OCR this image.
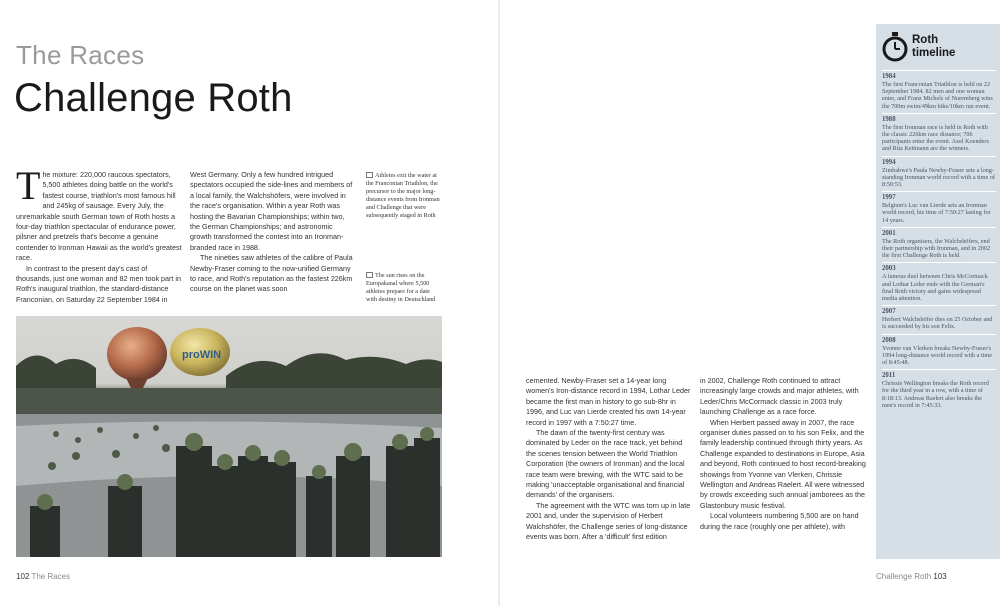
The Races
Challenge Roth

The mixture: 220,000 raucous spectators, 5,500 athletes doing battle on the world's fastest course, triathlon's most famous hill and 245kg of sausage. Every July, the unremarkable south German town of Roth hosts a four-day triathlon spectacular of endurance power, pilsner and pretzels that's become a genuine contender to Ironman Hawaii as the world's greatest race.

In contrast to the present day's cast of thousands, just one woman and 82 men took part in Roth's inaugural triathlon, the standard-distance Franconian, on Saturday 22 September 1984 in

West Germany. Only a few hundred intrigued spectators occupied the side-lines and members of a local family, the Walchshöfers, were involved in the race's organisation. Within a year Roth was hosting the Bavarian Championships; within two, the German Championships; and astronomic growth transformed the contest into an Ironman-branded race in 1988.

The nineties saw athletes of the calibre of Paula Newby-Fraser coming to the now-unified Germany to race, and Roth's reputation as the fastest 226km course on the planet was soon

Athletes exit the water at the Franconian Triathlon, the precursor to the major long-distance events from Ironman and Challenge that were subsequently staged in Roth
The sun rises on the Europakanal where 5,500 athletes prepare for a date with destiny in Deutschland
proWIN
102 The Races

cemented. Newby-Fraser set a 14-year long women's Iron-distance record in 1994, Lothar Leder became the first man in history to go sub-8hr in 1996, and Luc van Lierde created his own 14-year record in 1997 with a 7:50:27 time.

The dawn of the twenty-first century was dominated by Leder on the race track, yet behind the scenes tension between the World Triathlon Corporation (the owners of Ironman) and the local race team were brewing, with the WTC said to be making 'unacceptable organisational and financial demands' of the organisers.

The agreement with the WTC was torn up in late 2001 and, under the supervision of Herbert Walchshöfer, the Challenge series of long-distance events was born. After a 'difficult' first edition

in 2002, Challenge Roth continued to attract increasingly large crowds and major athletes, with Leder/Chris McCormack classic in 2003 truly launching Challenge as a race force.

When Herbert passed away in 2007, the race organiser duties passed on to his son Felix, and the family leadership continued through thirty years. As Challenge expanded to destinations in Europe, Asia and beyond, Roth continued to host record-breaking showings from Yvonne van Vlerken, Chrissie Wellington and Andreas Raelert. All were witnessed by crowds exceeding such annual jamborees as the Glastonbury music festival.

Local volunteers numbering 5,500 are on hand during the race (roughly one per athlete), with

Challenge Roth 103
Roth
timeline
1984
The first Franconian Triathlon is held on 22 September 1984. 82 men and one woman enter, and Franz Michels of Nuremberg wins the 700m swim/49km bike/10km run event.
1988
The first Ironman race is held in Roth with the classic 226km race distance; 706 participants enter the event. Axel Koenders and Rita Keitmann are the winners.
1994
Zimbabwe's Paula Newby-Fraser sets a long-standing Ironman world record with a time of 8:50:53.
1997
Belgium's Luc van Lierde sets an Ironman world record, his time of 7:50:27 lasting for 14 years.
2001
The Roth organisers, the Walchshöfers, end their partnership with Ironman, and in 2002 the first Challenge Roth is held.
2003
A famous duel between Chris McCormack and Lothar Leder ends with the German's final Roth victory and gains widespread media attention.
2007
Herbert Walchshöfer dies on 25 October and is succeeded by his son Felix.
2008
Yvonne van Vlerken breaks Newby-Fraser's 1994 long-distance world record with a time of 8:45:48.
2011
Chrissie Wellington breaks the Roth record for the third year in a row, with a time of 8:18:13. Andreas Raelert also breaks the men's record in 7:45:33.
